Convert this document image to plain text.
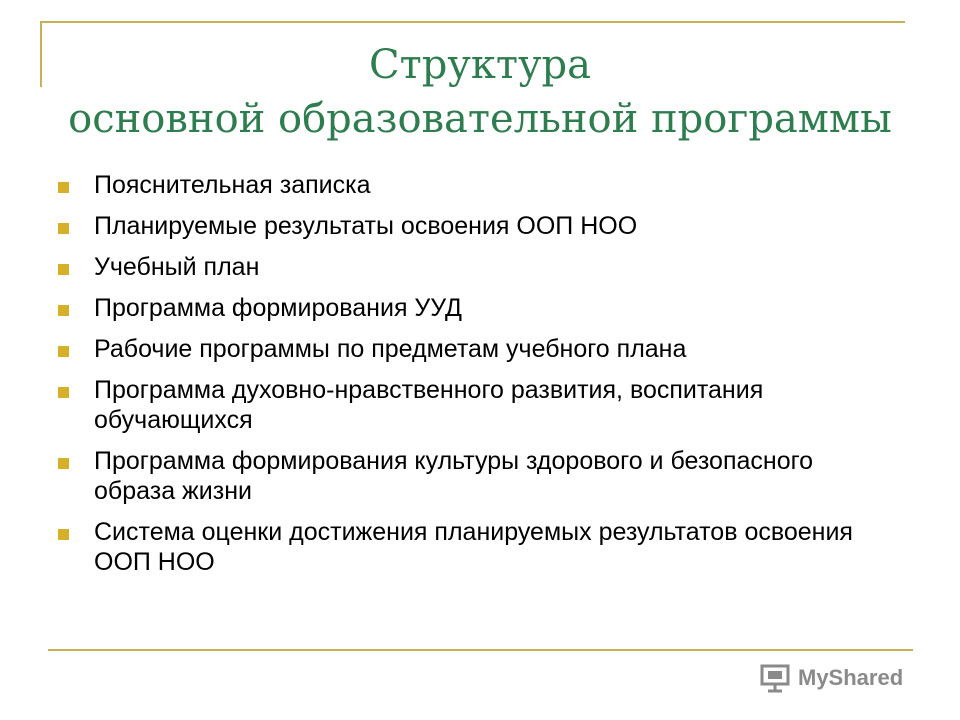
Структура
основной образовательной программы
Пояснительная записка
Планируемые результаты освоения ООП НОО
Учебный план
Программа формирования УУД
Рабочие программы по предметам учебного плана
Программа духовно-нравственного развития, воспитания обучающихся
Программа формирования культуры здорового и безопасного образа жизни
Система оценки достижения планируемых результатов освоения ООП НОО
MyShared
